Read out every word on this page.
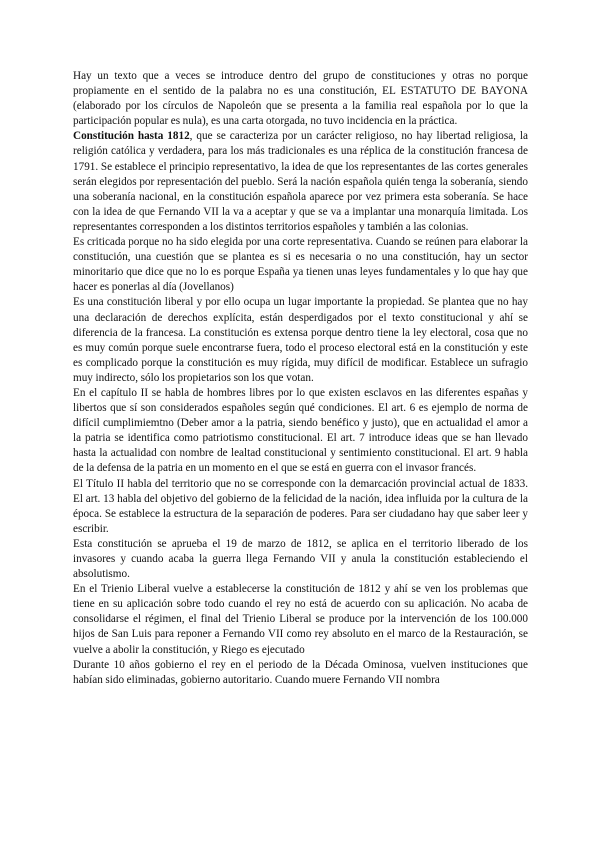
Hay un texto que a veces se introduce dentro del grupo de constituciones y otras no porque propiamente en el sentido de la palabra no es una constitución, EL ESTATUTO DE BAYONA (elaborado por los círculos de Napoleón que se presenta a la familia real española por lo que la participación popular es nula), es una carta otorgada, no tuvo incidencia en la práctica.

Constitución hasta 1812, que se caracteriza por un carácter religioso, no hay libertad religiosa, la religión católica y verdadera, para los más tradicionales es una réplica de la constitución francesa de 1791. Se establece el principio representativo, la idea de que los representantes de las cortes generales serán elegidos por representación del pueblo. Será la nación española quién tenga la soberanía, siendo una soberanía nacional, en la constitución española aparece por vez primera esta soberanía. Se hace con la idea de que Fernando VII la va a aceptar y que se va a implantar una monarquía limitada. Los representantes corresponden a los distintos territorios españoles y también a las colonias.

Es criticada porque no ha sido elegida por una corte representativa. Cuando se reúnen para elaborar la constitución, una cuestión que se plantea es si es necesaria o no una constitución, hay un sector minoritario que dice que no lo es porque España ya tienen unas leyes fundamentales y lo que hay que hacer es ponerlas al día (Jovellanos)

Es una constitución liberal y por ello ocupa un lugar importante la propiedad. Se plantea que no hay una declaración de derechos explícita, están desperdigados por el texto constitucional y ahí se diferencia de la francesa. La constitución es extensa porque dentro tiene la ley electoral, cosa que no es muy común porque suele encontrarse fuera, todo el proceso electoral está en la constitución y este es complicado porque la constitución es muy rígida, muy difícil de modificar. Establece un sufragio muy indirecto, sólo los propietarios son los que votan.

En el capítulo II se habla de hombres libres por lo que existen esclavos en las diferentes españas y libertos que sí son considerados españoles según qué condiciones. El art. 6 es ejemplo de norma de difícil cumplimiemtno (Deber amor a la patria, siendo benéfico y justo), que en actualidad el amor a la patria se identifica como patriotismo constitucional. El art. 7 introduce ideas que se han llevado hasta la actualidad con nombre de lealtad constitucional y sentimiento constitucional. El art. 9 habla de la defensa de la patria en un momento en el que se está en guerra con el invasor francés.

El Título II habla del territorio que no se corresponde con la demarcación provincial actual de 1833. El art. 13 habla del objetivo del gobierno de la felicidad de la nación, idea influida por la cultura de la época. Se establece la estructura de la separación de poderes. Para ser ciudadano hay que saber leer y escribir.

Esta constitución se aprueba el 19 de marzo de 1812, se aplica en el territorio liberado de los invasores y cuando acaba la guerra llega Fernando VII y anula la constitución estableciendo el absolutismo.

En el Trienio Liberal vuelve a establecerse la constitución de 1812 y ahí se ven los problemas que tiene en su aplicación sobre todo cuando el rey no está de acuerdo con su aplicación. No acaba de consolidarse el régimen, el final del Trienio Liberal se produce por la intervención de los 100.000 hijos de San Luis para reponer a Fernando VII como rey absoluto en el marco de la Restauración, se vuelve a abolir la constitución, y Riego es ejecutado

Durante 10 años gobierno el rey en el periodo de la Década Ominosa, vuelven instituciones que habían sido eliminadas, gobierno autoritario. Cuando muere Fernando VII nombra
